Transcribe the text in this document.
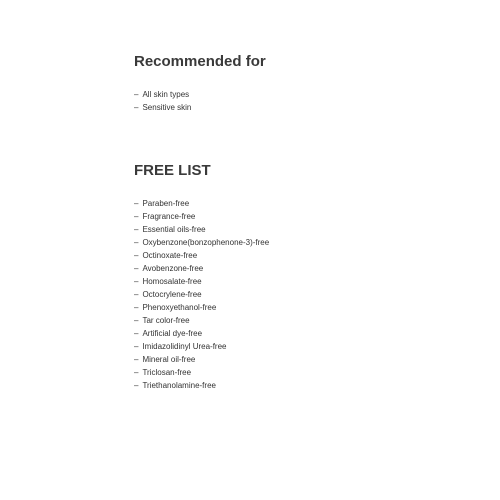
Recommended for
– All skin types
– Sensitive skin
FREE LIST
– Paraben-free
– Fragrance-free
– Essential oils-free
– Oxybenzone(bonzophenone-3)-free
– Octinoxate-free
– Avobenzone-free
– Homosalate-free
– Octocrylene-free
– Phenoxyethanol-free
– Tar color-free
– Artificial dye-free
– Imidazolidinyl Urea-free
– Mineral oil-free
– Triclosan-free
– Triethanolamine-free
